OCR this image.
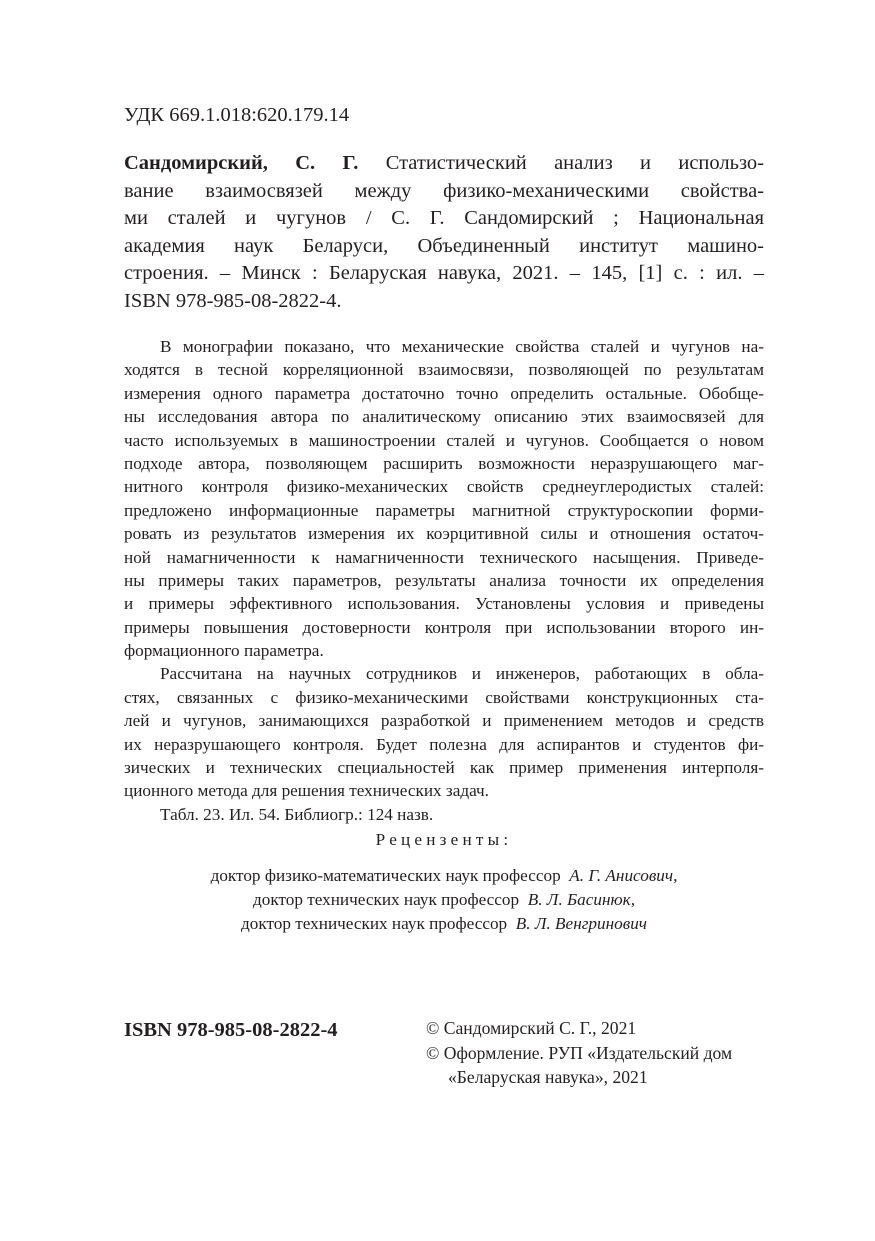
УДК 669.1.018:620.179.14
Сандомирский, С. Г. Статистический анализ и использо-
вание взаимосвязей между физико-механическими свойства-
ми сталей и чугунов / С. Г. Сандомирский ; Национальная
академия наук Беларуси, Объединенный институт машино-
строения. – Минск : Беларуская навука, 2021. – 145, [1] с. : ил. –
ISBN 978-985-08-2822-4.
В монографии показано, что механические свойства сталей и чугунов на-
ходятся в тесной корреляционной взаимосвязи, позволяющей по результатам
измерения одного параметра достаточно точно определить остальные. Обобще-
ны исследования автора по аналитическому описанию этих взаимосвязей для
часто используемых в машиностроении сталей и чугунов. Сообщается о новом
подходе автора, позволяющем расширить возможности неразрушающего маг-
нитного контроля физико-механических свойств среднеуглеродистых сталей:
предложено информационные параметры магнитной структуроскопии форми-
ровать из результатов измерения их коэрцитивной силы и отношения остаточ-
ной намагниченности к намагниченности технического насыщения. Приведе-
ны примеры таких параметров, результаты анализа точности их определения
и примеры эффективного использования. Установлены условия и приведены
примеры повышения достоверности контроля при использовании второго ин-
формационного параметра.
Рассчитана на научных сотрудников и инженеров, работающих в обла-
стях, связанных с физико-механическими свойствами конструкционных ста-
лей и чугунов, занимающихся разработкой и применением методов и средств
их неразрушающего контроля. Будет полезна для аспирантов и студентов фи-
зических и технических специальностей как пример применения интерполя-
ционного метода для решения технических задач.
Табл. 23. Ил. 54. Библиогр.: 124 назв.
Рецензенты:
доктор физико-математических наук профессор А. Г. Анисович,
доктор технических наук профессор В. Л. Басинюк,
доктор технических наук профессор В. Л. Венгринович
ISBN 978-985-08-2822-4	© Сандомирский С. Г., 2021
© Оформление. РУП «Издательский дом
«Беларуская навука», 2021
